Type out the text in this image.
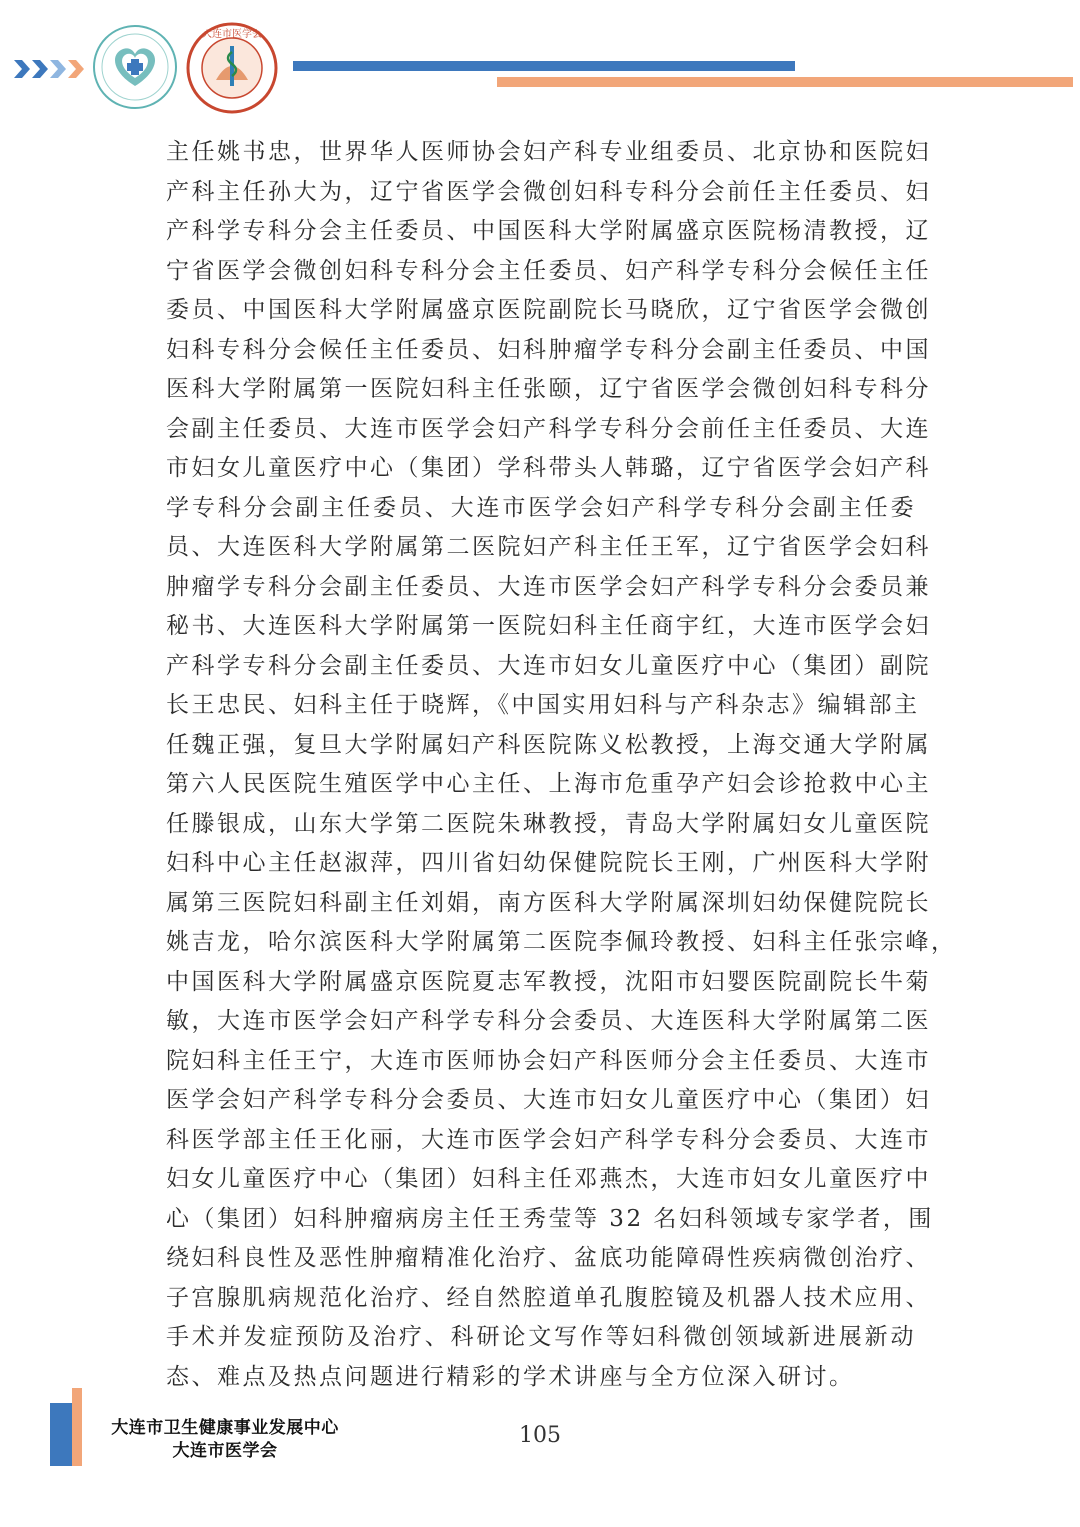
大连市医学会
主任姚书忠，世界华人医师协会妇产科专业组委员、北京协和医院妇
产科主任孙大为，辽宁省医学会微创妇科专科分会前任主任委员、妇
产科学专科分会主任委员、中国医科大学附属盛京医院杨清教授，辽
宁省医学会微创妇科专科分会主任委员、妇产科学专科分会候任主任
委员、中国医科大学附属盛京医院副院长马晓欣，辽宁省医学会微创
妇科专科分会候任主任委员、妇科肿瘤学专科分会副主任委员、中国
医科大学附属第一医院妇科主任张颐，辽宁省医学会微创妇科专科分
会副主任委员、大连市医学会妇产科学专科分会前任主任委员、大连
市妇女儿童医疗中心（集团）学科带头人韩璐，辽宁省医学会妇产科
学专科分会副主任委员、大连市医学会妇产科学专科分会副主任委
员、大连医科大学附属第二医院妇产科主任王军，辽宁省医学会妇科
肿瘤学专科分会副主任委员、大连市医学会妇产科学专科分会委员兼
秘书、大连医科大学附属第一医院妇科主任商宇红，大连市医学会妇
产科学专科分会副主任委员、大连市妇女儿童医疗中心（集团）副院
长王忠民、妇科主任于晓辉，《中国实用妇科与产科杂志》编辑部主
任魏正强，复旦大学附属妇产科医院陈义松教授，上海交通大学附属
第六人民医院生殖医学中心主任、上海市危重孕产妇会诊抢救中心主
任滕银成，山东大学第二医院朱琳教授，青岛大学附属妇女儿童医院
妇科中心主任赵淑萍，四川省妇幼保健院院长王刚，广州医科大学附
属第三医院妇科副主任刘娟，南方医科大学附属深圳妇幼保健院院长
姚吉龙，哈尔滨医科大学附属第二医院李佩玲教授、妇科主任张宗峰，
中国医科大学附属盛京医院夏志军教授，沈阳市妇婴医院副院长牛菊
敏，大连市医学会妇产科学专科分会委员、大连医科大学附属第二医
院妇科主任王宁，大连市医师协会妇产科医师分会主任委员、大连市
医学会妇产科学专科分会委员、大连市妇女儿童医疗中心（集团）妇
科医学部主任王化丽，大连市医学会妇产科学专科分会委员、大连市
妇女儿童医疗中心（集团）妇科主任邓燕杰，大连市妇女儿童医疗中
心（集团）妇科肿瘤病房主任王秀莹等 32 名妇科领域专家学者，围
绕妇科良性及恶性肿瘤精准化治疗、盆底功能障碍性疾病微创治疗、
子宫腺肌病规范化治疗、经自然腔道单孔腹腔镜及机器人技术应用、
手术并发症预防及治疗、科研论文写作等妇科微创领域新进展新动
态、难点及热点问题进行精彩的学术讲座与全方位深入研讨。
大连市卫生健康事业发展中心
大连市医学会
105
